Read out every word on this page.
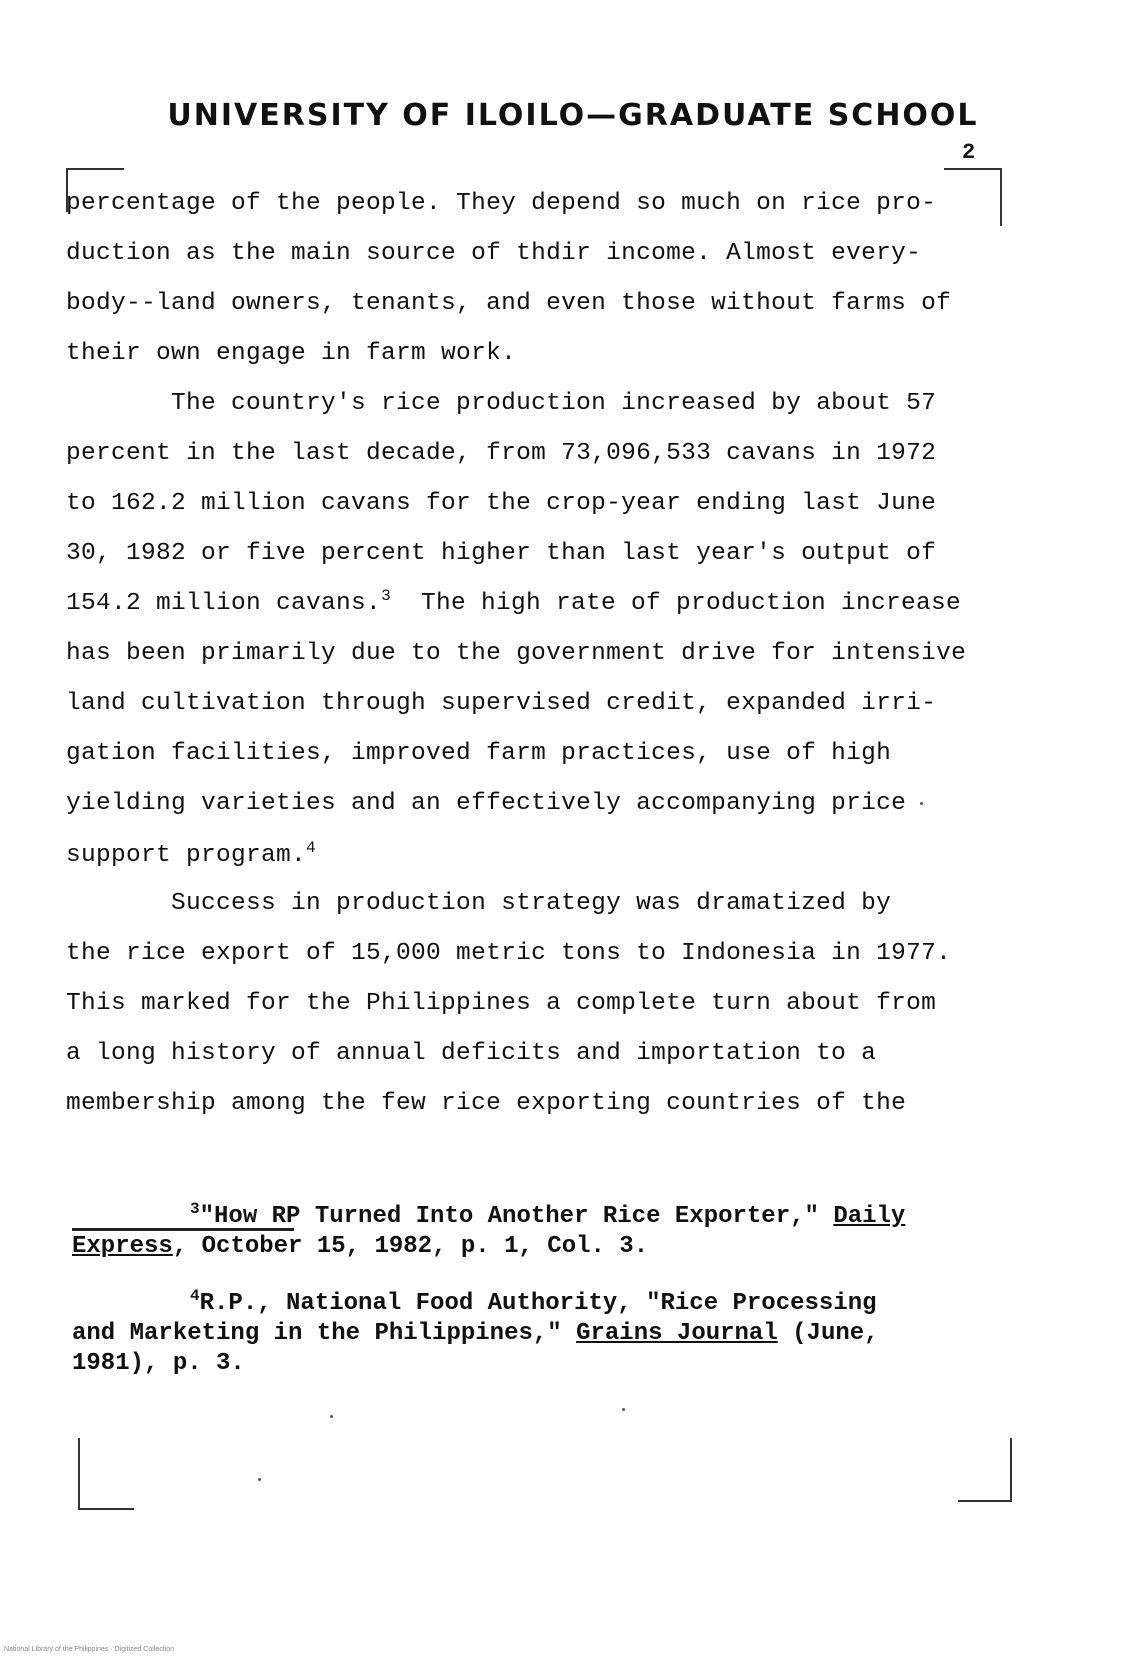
UNIVERSITY OF ILOILO—GRADUATE SCHOOL
2
percentage of the people. They depend so much on rice pro-
duction as the main source of thdir income. Almost every-
body--land owners, tenants, and even those without farms of
their own engage in farm work.
The country's rice production increased by about 57
percent in the last decade, from 73,096,533 cavans in 1972
to 162.2 million cavans for the crop-year ending last June
30, 1982 or five percent higher than last year's output of
154.2 million cavans.$^3$  The high rate of production increase
has been primarily due to the government drive for intensive
land cultivation through supervised credit, expanded irri-
gation facilities, improved farm practices, use of high
yielding varieties and an effectively accompanying price
support program.$^4$
Success in production strategy was dramatized by
the rice export of 15,000 metric tons to Indonesia in 1977.
This marked for the Philippines a complete turn about from
a long history of annual deficits and importation to a
membership among the few rice exporting countries of the
$^3$"How RP Turned Into Another Rice Exporter," Daily
Express, October 15, 1982, p. 1, Col. 3.
$^4$R.P., National Food Authority, "Rice Processing
and Marketing in the Philippines," Grains Journal (June,
1981), p. 3.
National Library of the Philippines · Digitized Collection
